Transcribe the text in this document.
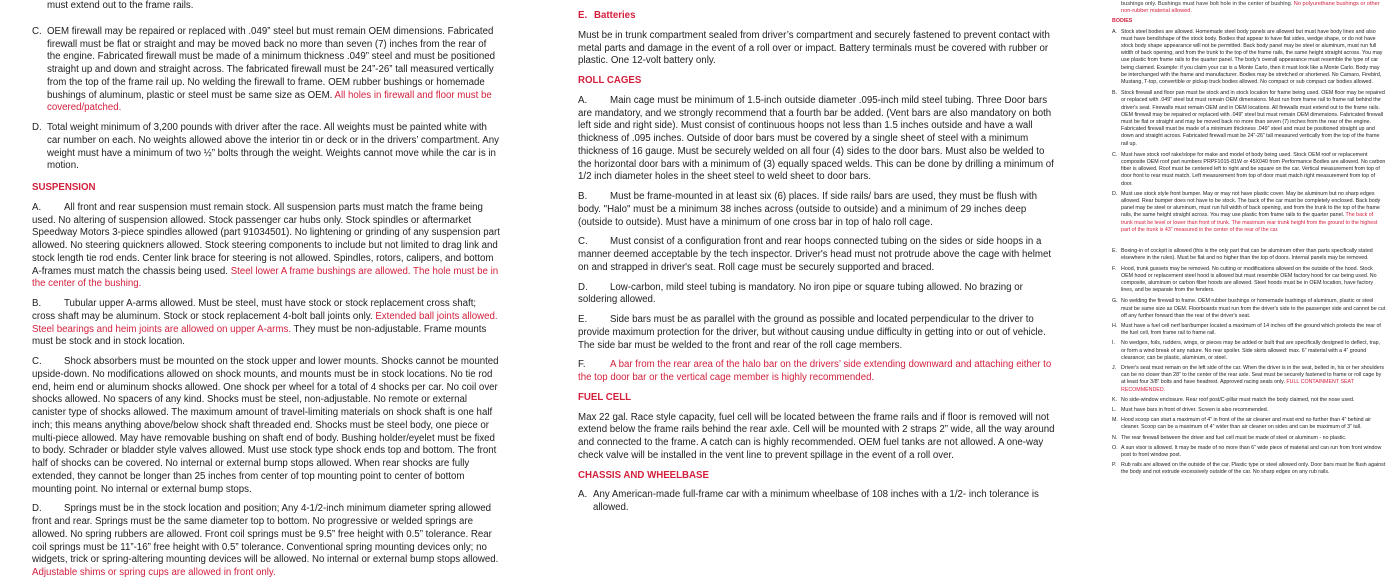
must extend out to the frame rails.

C. OEM firewall may be repaired or replaced with .049” steel but must remain OEM dimensions. Fabricated firewall must be flat or straight and may be moved back no more than seven (7) inches from the rear of the engine. Fabricated firewall must be made of a minimum thickness .049” steel and must be positioned straight up and down and straight across. The fabricated firewall must be 24”-26” tall measured vertically from the top of the frame rail up. No welding the firewall to frame. OEM rubber bushings or homemade bushings of aluminum, plastic or steel must be same size as OEM. All holes in firewall and floor must be covered/patched.

D. Total weight minimum of 3,200 pounds with driver after the race. All weights must be painted white with car number on each. No weights allowed above the interior tin or deck or in the drivers’ compartment. Any weight must have a minimum of two ½” bolts through the weight. Weights cannot move while the car is in motion.

SUSPENSION

A. All front and rear suspension must remain stock. All suspension parts must match the frame being used. No altering of suspension allowed. Stock passenger car hubs only. Stock spindles or aftermarket Speedway Motors 3-piece spindles allowed (part 91034501). No lightening or grinding of any suspension part allowed. No steering quickners allowed. Stock steering components to include but not limited to drag link and stock length tie rod ends. Center link brace for steering is not allowed. Spindles, rotors, calipers, and bottom A-frames must match the chassis being used. Steel lower A frame bushings are allowed. The hole must be in the center of the bushing.

B. Tubular upper A-arms allowed. Must be steel, must have stock or stock replacement cross shaft; cross shaft may be aluminum. Stock or stock replacement 4-bolt ball joints only. Extended ball joints allowed. Steel bearings and heim joints are allowed on upper A-arms. They must be non-adjustable. Frame mounts must be stock and in stock location.

C. Shock absorbers must be mounted on the stock upper and lower mounts. Shocks cannot be mounted upside-down. No modifications allowed on shock mounts, and mounts must be in stock locations. No tie rod end, heim end or aluminum shocks allowed. One shock per wheel for a total of 4 shocks per car. No coil over shocks allowed. No spacers of any kind. Shocks must be steel, non-adjustable. No remote or external canister type of shocks allowed. The maximum amount of travel-limiting materials on shock shaft is one half inch; this means anything above/below shock shaft threaded end. Shocks must be steel body, one piece or multi-piece allowed. May have removable bushing on shaft end of body. Bushing holder/eyelet must be fixed to body. Schrader or bladder style valves allowed. Must use stock type shock ends top and bottom. The front half of shocks can be covered. No internal or external bump stops allowed. When rear shocks are fully extended, they cannot be longer than 25 inches from center of top mounting point to center of bottom mounting point. No internal or external bump stops.

D. Springs must be in the stock location and position; Any 4-1/2-inch minimum diameter spring allowed front and rear. Springs must be the same diameter top to bottom. No progressive or welded springs are allowed. No spring rubbers are allowed. Front coil springs must be 9.5” free height with 0.5” tolerance. Rear coil springs must be 11”-16” free height with 0.5” tolerance. Conventional spring mounting devices only; no widgets, trick or spring-altering mounting devices will be allowed. No internal or external bump stops allowed. Adjustable shims or spring cups are allowed in front only.

E. Batteries

Must be in trunk compartment sealed from driver’s compartment and securely fastened to prevent contact with metal parts and damage in the event of a roll over or impact. Battery terminals must be covered with rubber or plastic. One 12-volt battery only.

ROLL CAGES

A. Main cage must be minimum of 1.5-inch outside diameter .095-inch mild steel tubing. Three Door bars are mandatory, and we strongly recommend that a fourth bar be added. (Vent bars are also mandatory on both left side and right side). Must consist of continuous hoops not less than 1.5 inches outside and have a wall thickness of .095 inches. Outside of door bars must be covered by a single sheet of steel with a minimum thickness of 16 gauge. Must be securely welded on all four (4) sides to the door bars. Must also be welded to the horizontal door bars with a minimum of (3) equally spaced welds. This can be done by drilling a minimum of 1/2 inch diameter holes in the sheet steel to weld sheet to door bars.

B. Must be frame-mounted in at least six (6) places. If side rails/ bars are used, they must be flush with body. "Halo" must be a minimum 38 inches across (outside to outside) and a minimum of 29 inches deep (outside to outside). Must have a minimum of one cross bar in top of halo roll cage.

C. Must consist of a configuration front and rear hoops connected tubing on the sides or side hoops in a manner deemed acceptable by the tech inspector. Driver's head must not protrude above the cage with helmet on and strapped in driver's seat. Roll cage must be securely supported and braced.

D. Low-carbon, mild steel tubing is mandatory. No iron pipe or square tubing allowed. No brazing or soldering allowed.

E. Side bars must be as parallel with the ground as possible and located perpendicular to the driver to provide maximum protection for the driver, but without causing undue difficulty in getting into or out of vehicle. The side bar must be welded to the front and rear of the roll cage members.

F.	A bar from the rear area of the halo bar on the drivers’ side extending downward and attaching either to the top door bar or the vertical cage member is highly recommended.

FUEL CELL

Max 22 gal. Race style capacity, fuel cell will be located between the frame rails and if floor is removed will not extend below the frame rails behind the rear axle. Cell will be mounted with 2 straps 2” wide, all the way around and connected to the frame. A catch can is highly recommended. OEM fuel tanks are not allowed. A one-way check valve will be installed in the vent line to prevent spillage in the event of a roll over.

CHASSIS AND WHEELBASE

A. Any American-made full-frame car with a minimum wheelbase of 108 inches with a 1/2- inch tolerance is allowed.

bushings only. Bushings must have bolt hole in the center of bushing. No polyurethane bushings or other non-rubber material allowed.

BODIES

A. Stock steel bodies are allowed. Homemade steel body panels are allowed but must have body lines and also must have bend/shape of the stock body. Bodies that appear to have flat sides, wedge shape, or do not have stock body shape appearance will not be permitted. Back body panel may be steel or aluminum, must run full width of back opening, and from the trunk to the top of the frame rails, the same height straight across. You may use plastic from frame rails to the quarter panel. The body's overall appearance must resemble the type of car being claimed. Example: if you claim your car is a Monte Carlo, then it must look like a Monte Carlo. Body may be interchanged with the frame and manufacturer. Bodies may be stretched or shortened. No Camaro, Firebird, Mustang, T-top, convertible or pickup truck bodies allowed. No compact or sub compact car bodies allowed.

B. Stock firewall and floor pan must be stock and in stock location for frame being used. OEM floor may be repaired or replaced with .049” steel but must remain OEM dimensions. Must run from frame rail to frame rail behind the driver's seat. Firewalls must remain OEM and in OEM locations. All firewalls must extend out to the frame rails. OEM firewall may be repaired or replaced with .049” steel but must remain OEM dimensions. Fabricated firewall must be flat or straight and may be moved back no more than seven (7) inches from the rear of the engine. Fabricated firewall must be made of a minimum thickness .049” steel and must be positioned straight up and down and straight across. Fabricated firewall must be 24”-26” tall measured vertically from the top of the frame rail up.

C. Must have stock roof rake/slope for make and model of body being used. Stock OEM roof or replacement composite OEM roof part numbers PRPF1015-81W or 45X040 from Performance Bodies are allowed. No carbon fiber is allowed. Roof must be centered left to right and be square on the car. Vertical measurement from top of door front to rear must match. Left measurement from top of door must match right measurement from top of door.

D. Must use stock style front bumper. May or may not have plastic cover. May be aluminum but no sharp edges allowed. Rear bumper does not have to be stock. The back of the car must be completely enclosed. Back body panel may be steel or aluminum, must run full width of back opening, and from the trunk to the top of the frame rails, the same height straight across. You may use plastic from frame rails to the quarter panel. The back of trunk must be level or lower than front of trunk. The maximum rear trunk height from the ground to the highest part of the trunk is 43” measured in the center of the rear of the car.

E. Boxing-in of cockpit is allowed (this is the only part that can be aluminum other than parts specifically stated elsewhere in the rules). Must be flat and no higher than the top of doors. Internal panels may be removed.

F. Hood, trunk gussets may be removed. No cutting or modifications allowed on the outside of the hood. Stock OEM hood or replacement steel hood is allowed but must resemble OEM factory hood for car being used. No composite, aluminum or carbon fiber hoods are allowed. Steel hoods must be in OEM location, have factory lines, and be separate from the fenders.

G. No welding the firewall to frame. OEM rubber bushings or homemade bushings of aluminum, plastic or steel must be same size as OEM. Floorboards must run from the driver's side to the passenger side and cannot be cut off any further forward than the rear of the driver's seat.

H. Must have a fuel cell nerf bar/bumper located a maximum of 14 inches off the ground which protects the rear of the fuel cell, from frame rail to frame rail.

I. No wedges, foils, rudders, wings, or pieces may be added or built that are specifically designed to deflect, trap, or form a wind break of any nature. No rear spoiler. Side skirts allowed: max. 6” material with a 4” ground clearance; can be plastic, aluminum, or steel.

J. Driver's seat must remain on the left side of the car. When the driver is in the seat, belted in, his or her shoulders can be no closer than 28” to the center of the rear axle. Seat must be securely fastened to frame or roll cage by at least four 3/8” bolts and have headrest. Approved racing seats only. FULL CONTAINMENT SEAT RECOMMENDED.

K. No side-window enclosure. Rear roof post/C-pillar must match the body claimed, not the nose used.

L. Must have bars in front of driver. Screen is also recommended.

M. Hood scoop can start a maximum of 4” in front of the air cleaner and must end no further than 4” behind air cleaner. Scoop can be a maximum of 4” wider than air cleaner on sides and can be maximum of 3” tall.

N. The rear firewall between the driver and fuel cell must be made of steel or aluminum - no plastic.

O. A sun visor is allowed. It may be made of no more than 6” wide piece of material and can run from front window post to front window post.

P. Rub rails are allowed on the outside of the car. Plastic type or steel allowed only. Door bars must be flush against the body and not extrude excessively outside of the car. No sharp edges on any rub rails.
